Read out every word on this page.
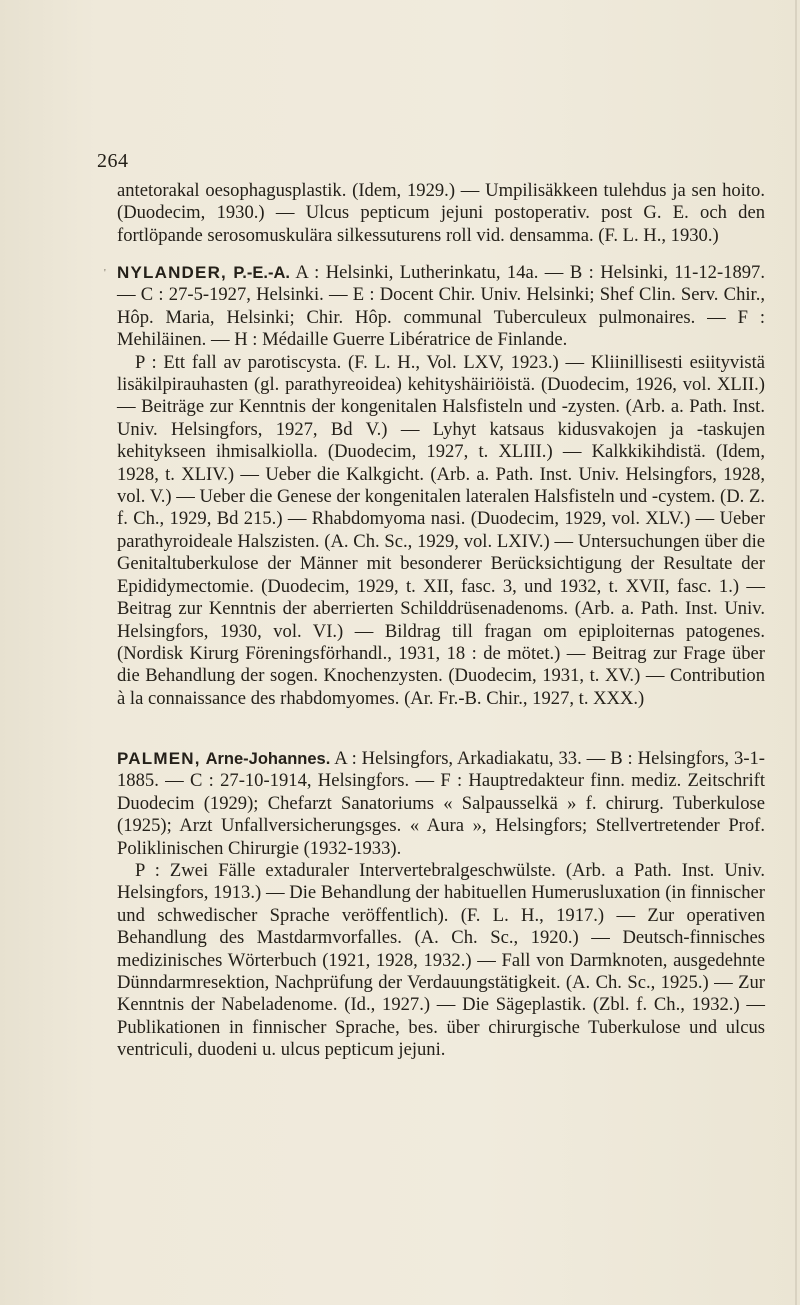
264

antetorakal oesophagusplastik. (Idem, 1929.) — Umpilisäkkeen tulehdus ja sen hoito. (Duodecim, 1930.) — Ulcus pepticum jejuni postoperativ. post G. E. och den fortlöpande serosomuskulära silkessuturens roll vid. densamma. (F. L. H., 1930.)

' NYLANDER, P.-E.-A. A : Helsinki, Lutherinkatu, 14a. — B : Helsinki, 11-12-1897. — C : 27-5-1927, Helsinki. — E : Docent Chir. Univ. Helsinki; Shef Clin. Serv. Chir., Hôp. Maria, Helsinki; Chir. Hôp. communal Tuberculeux pulmonaires. — F : Mehiläinen. — H : Médaille Guerre Libératrice de Finlande.

P : Ett fall av parotiscysta. (F. L. H., Vol. LXV, 1923.) — Kliinillisesti esiityvistä lisäkilpirauhasten (gl. parathyreoidea) kehityshäiriöistä. (Duodecim, 1926, vol. XLII.) — Beiträge zur Kenntnis der kongenitalen Halsfisteln und -zysten. (Arb. a. Path. Inst. Univ. Helsingfors, 1927, Bd V.) — Lyhyt katsaus kidusvakojen ja -taskujen kehitykseen ihmisalkiolla. (Duodecim, 1927, t. XLIII.) — Kalkkikihdistä. (Idem, 1928, t. XLIV.) — Ueber die Kalkgicht. (Arb. a. Path. Inst. Univ. Helsingfors, 1928, vol. V.) — Ueber die Genese der kongenitalen lateralen Halsfisteln und -cystem. (D. Z. f. Ch., 1929, Bd 215.) — Rhabdomyoma nasi. (Duodecim, 1929, vol. XLV.) — Ueber parathyroideale Halszisten. (A. Ch. Sc., 1929, vol. LXIV.) — Untersuchungen über die Genitaltuberkulose der Männer mit besonderer Berücksichtigung der Resultate der Epididymectomie. (Duodecim, 1929, t. XII, fasc. 3, und 1932, t. XVII, fasc. 1.) — Beitrag zur Kenntnis der aberrierten Schilddrüsenadenoms. (Arb. a. Path. Inst. Univ. Helsingfors, 1930, vol. VI.) — Bildrag till fragan om epiploiternas patogenes. (Nordisk Kirurg Föreningsförhandl., 1931, 18 : de mötet.) — Beitrag zur Frage über die Behandlung der sogen. Knochenzysten. (Duodecim, 1931, t. XV.) — Contribution à la connaissance des rhabdomyomes. (Ar. Fr.-B. Chir., 1927, t. XXX.)

PALMEN, Arne-Johannes. A : Helsingfors, Arkadiakatu, 33. — B : Helsingfors, 3-1-1885. — C : 27-10-1914, Helsingfors. — F : Hauptredakteur finn. mediz. Zeitschrift Duodecim (1929); Chefarzt Sanatoriums « Salpausselkä » f. chirurg. Tuberkulose (1925); Arzt Unfallversicherungsges. « Aura », Helsingfors; Stellvertretender Prof. Poliklinischen Chirurgie (1932-1933).

P : Zwei Fälle extaduraler Intervertebralgeschwülste. (Arb. a Path. Inst. Univ. Helsingfors, 1913.) — Die Behandlung der habituellen Humerusluxation (in finnischer und schwedischer Sprache veröffentlich). (F. L. H., 1917.) — Zur operativen Behandlung des Mastdarmvorfalles. (A. Ch. Sc., 1920.) — Deutsch-finnisches medizinisches Wörterbuch (1921, 1928, 1932.) — Fall von Darmknoten, ausgedehnte Dünndarmresektion, Nachprüfung der Verdauungstätigkeit. (A. Ch. Sc., 1925.) — Zur Kenntnis der Nabeladenome. (Id., 1927.) — Die Sägeplastik. (Zbl. f. Ch., 1932.) — Publikationen in finnischer Sprache, bes. über chirurgische Tuberkulose und ulcus ventriculi, duodeni u. ulcus pepticum jejuni.
